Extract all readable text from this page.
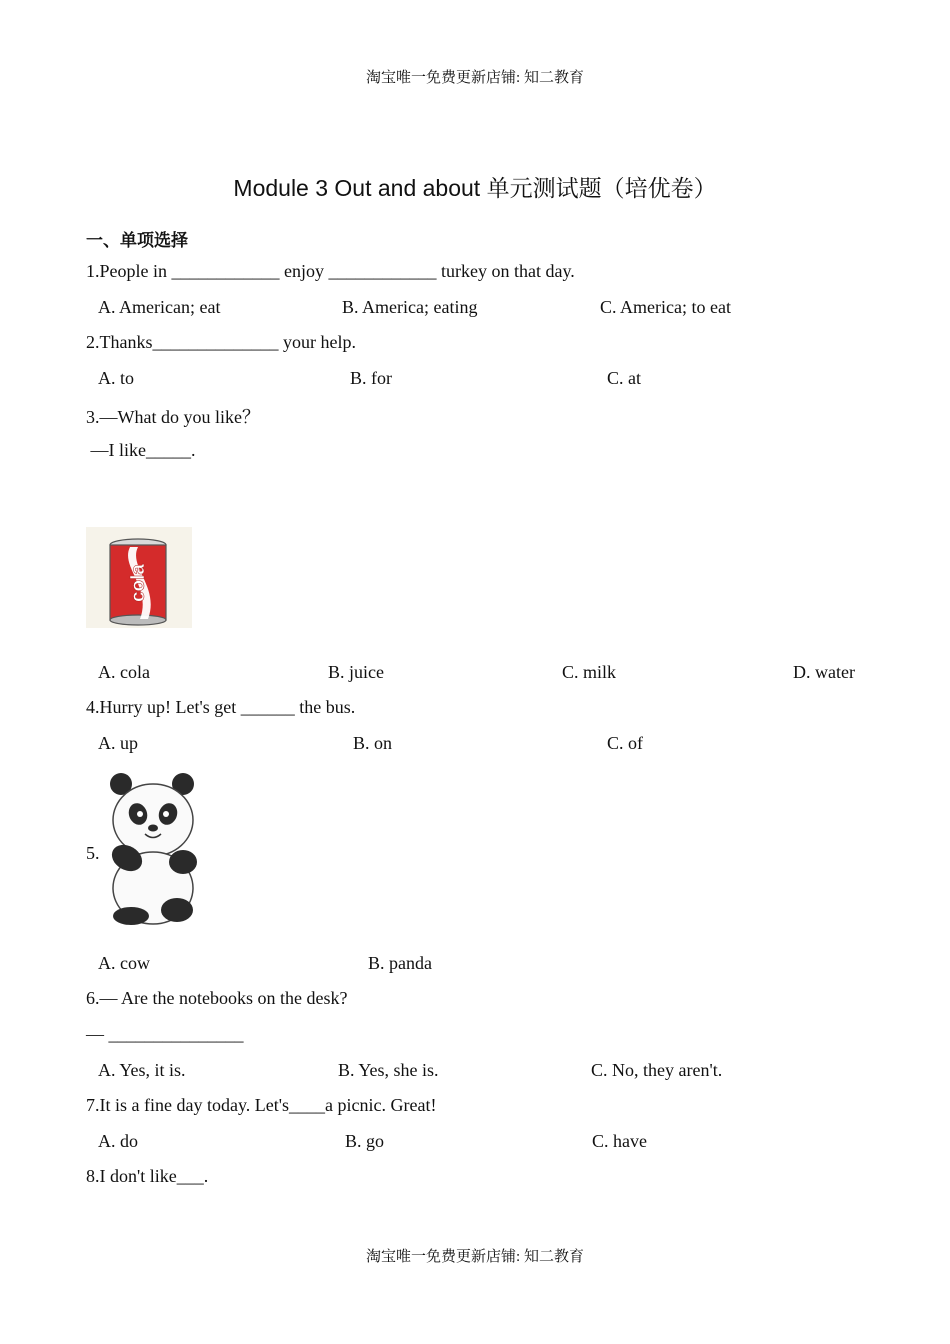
淘宝唯一免费更新店铺: 知二教育
Module 3 Out and about 单元测试题（培优卷）
一、单项选择
1.People in ____________ enjoy ____________ turkey on that day.
A. American; eat	B. America; eating	C. America; to eat
2.Thanks______________ your help.
A. to	B. for	C. at
3.—What do you like？
—I like_____.
cola
A. cola	B. juice	C. milk	D. water
4.Hurry up! Let's get ______ the bus.
A. up	B. on	C. of
5.
A. cow	B. panda
6.— Are the notebooks on the desk?
— _______________
A. Yes, it is.	B. Yes, she is.	C. No, they aren't.
7.It is a fine day today. Let's____a picnic. Great!
A. do	B. go	C. have
8.I don't like___.
淘宝唯一免费更新店铺: 知二教育
